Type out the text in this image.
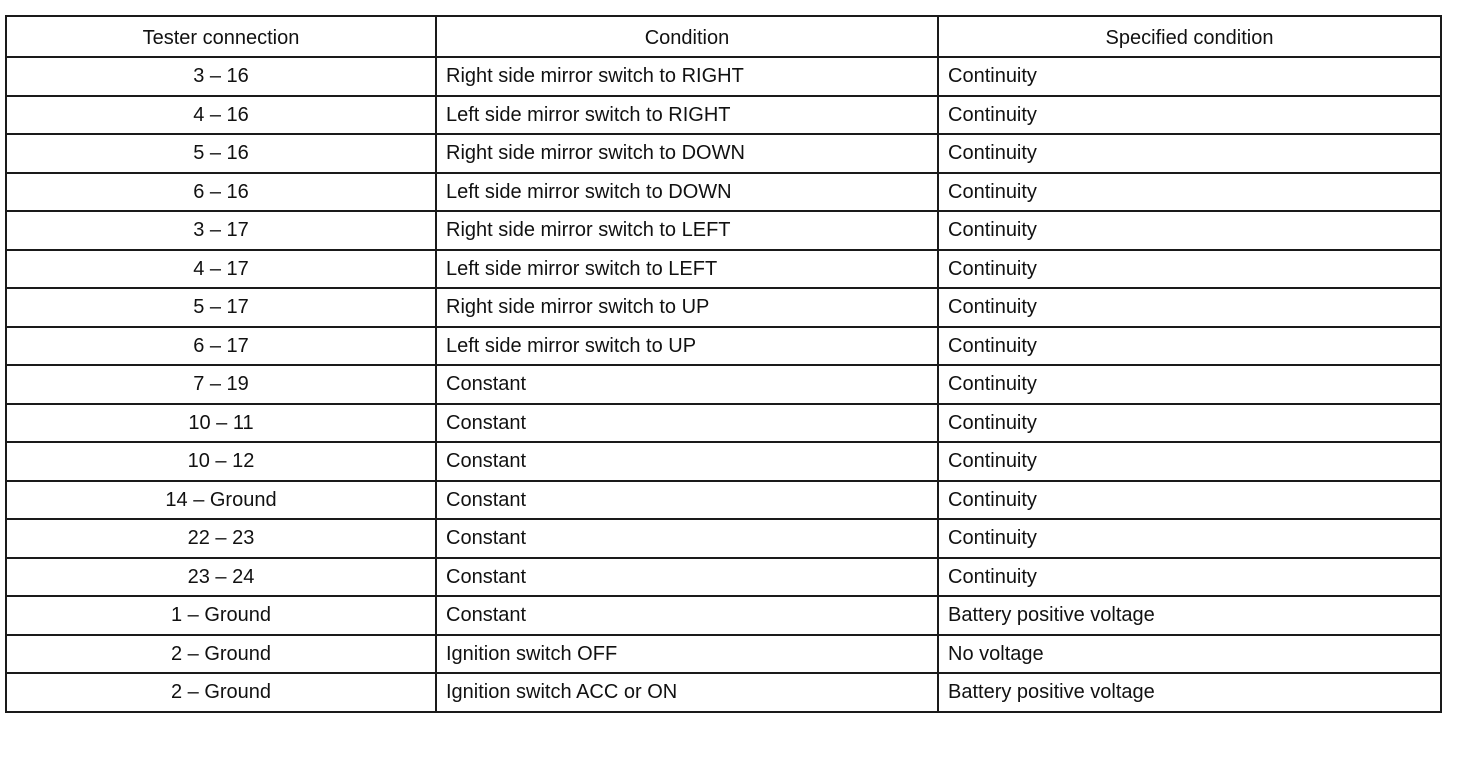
Tester connection	Condition	Specified condition
3 – 16	Right side mirror switch to RIGHT	Continuity
4 – 16	Left side mirror switch to RIGHT	Continuity
5 – 16	Right side mirror switch to DOWN	Continuity
6 – 16	Left side mirror switch to DOWN	Continuity
3 – 17	Right side mirror switch to LEFT	Continuity
4 – 17	Left side mirror switch to LEFT	Continuity
5 – 17	Right side mirror switch to UP	Continuity
6 – 17	Left side mirror switch to UP	Continuity
7 – 19	Constant	Continuity
10 – 11	Constant	Continuity
10 – 12	Constant	Continuity
14 – Ground	Constant	Continuity
22 – 23	Constant	Continuity
23 – 24	Constant	Continuity
1 – Ground	Constant	Battery positive voltage
2 – Ground	Ignition switch OFF	No voltage
2 – Ground	Ignition switch ACC or ON	Battery positive voltage
